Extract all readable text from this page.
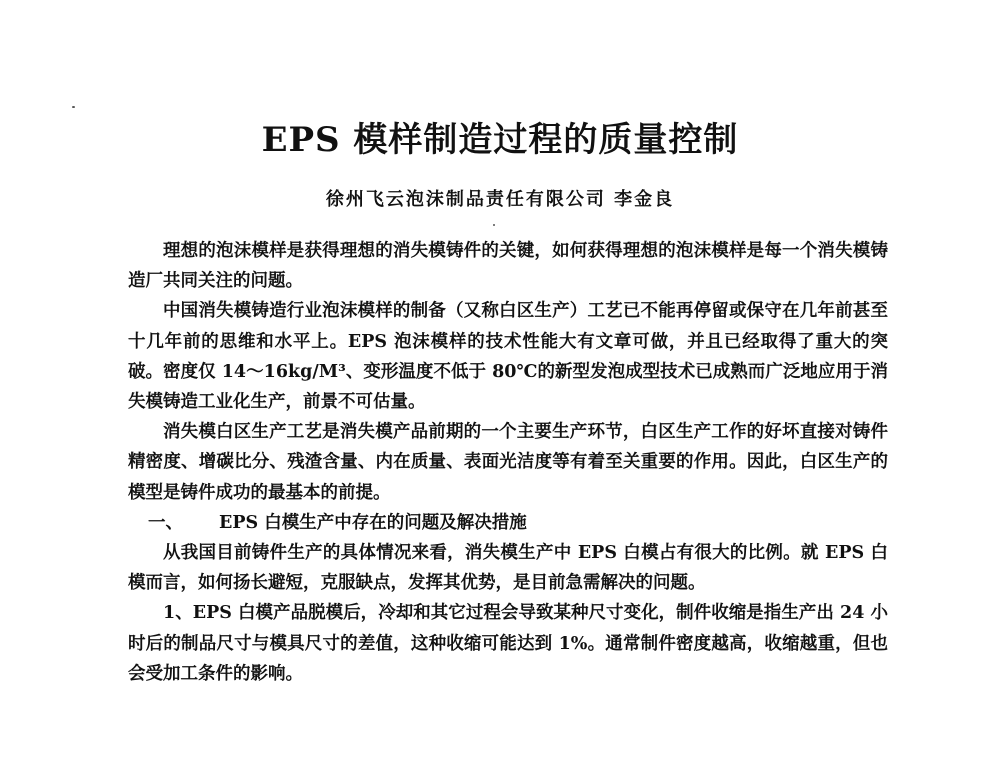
EPS 模样制造过程的质量控制
徐州飞云泡沫制品责任有限公司 李金良

理想的泡沫模样是获得理想的消失模铸件的关键，如何获得理想的泡沫模样是每一个消失模铸造厂共同关注的问题。

中国消失模铸造行业泡沫模样的制备（又称白区生产）工艺已不能再停留或保守在几年前甚至十几年前的思维和水平上。EPS 泡沫模样的技术性能大有文章可做，并且已经取得了重大的突破。密度仅 14～16kg/M³、变形温度不低于 80℃的新型发泡成型技术已成熟而广泛地应用于消失模铸造工业化生产，前景不可估量。

消失模白区生产工艺是消失模产品前期的一个主要生产环节，白区生产工作的好坏直接对铸件精密度、增碳比分、残渣含量、内在质量、表面光洁度等有着至关重要的作用。因此，白区生产的模型是铸件成功的最基本的前提。

一、 EPS 白模生产中存在的问题及解决措施

从我国目前铸件生产的具体情况来看，消失模生产中 EPS 白模占有很大的比例。就 EPS 白模而言，如何扬长避短，克服缺点，发挥其优势，是目前急需解决的问题。

1、EPS 白模产品脱模后，冷却和其它过程会导致某种尺寸变化，制件收缩是指生产出 24 小时后的制品尺寸与模具尺寸的差值，这种收缩可能达到 1%。通常制件密度越高，收缩越重，但也会受加工条件的影响。
